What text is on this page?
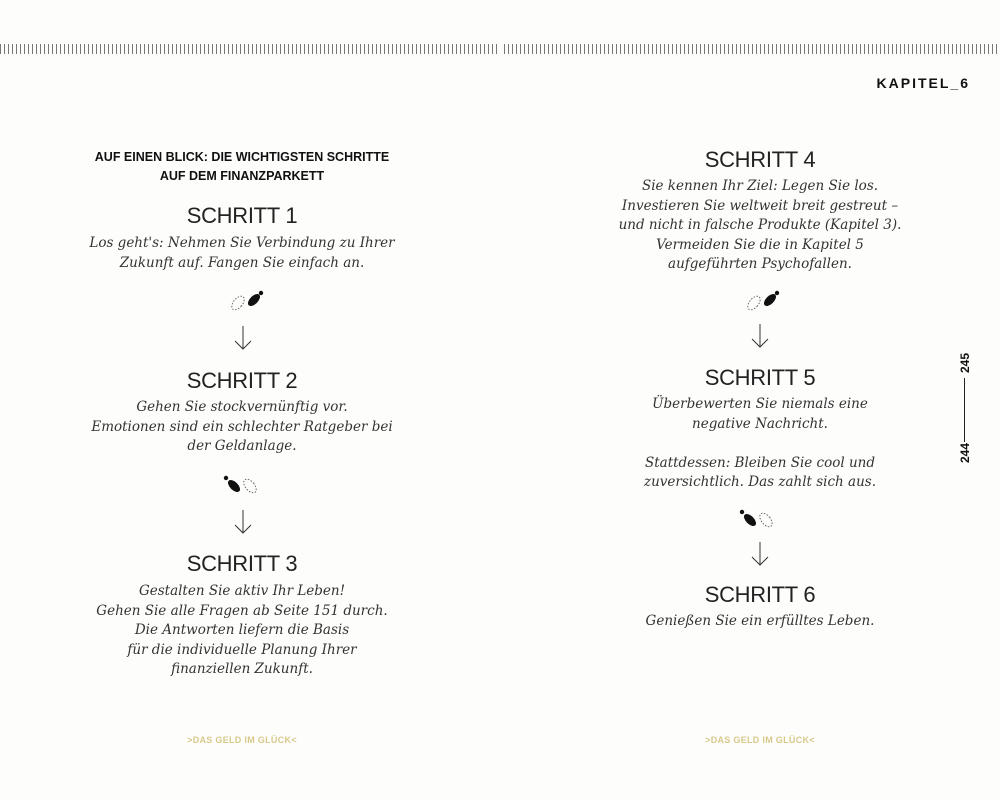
KAPITEL_6
AUF EINEN BLICK: DIE WICHTIGSTEN SCHRITTE AUF DEM FINANZPARKETT
SCHRITT 1
Los geht's: Nehmen Sie Verbindung zu Ihrer
Zukunft auf. Fangen Sie einfach an.
SCHRITT 2
Gehen Sie stockvernünftig vor.
Emotionen sind ein schlechter Ratgeber bei
der Geldanlage.
SCHRITT 3
Gestalten Sie aktiv Ihr Leben!
Gehen Sie alle Fragen ab Seite 151 durch.
Die Antworten liefern die Basis
für die individuelle Planung Ihrer
finanziellen Zukunft.
>DAS GELD IM GLÜCK<
SCHRITT 4
Sie kennen Ihr Ziel: Legen Sie los.
Investieren Sie weltweit breit gestreut –
und nicht in falsche Produkte (Kapitel 3).
Vermeiden Sie die in Kapitel 5
aufgeführten Psychofallen.
SCHRITT 5
Überbewerten Sie niemals eine
negative Nachricht.

Stattdessen: Bleiben Sie cool und
zuversichtlich. Das zahlt sich aus.
SCHRITT 6
Genießen Sie ein erfülltes Leben.
>DAS GELD IM GLÜCK<
245
244
